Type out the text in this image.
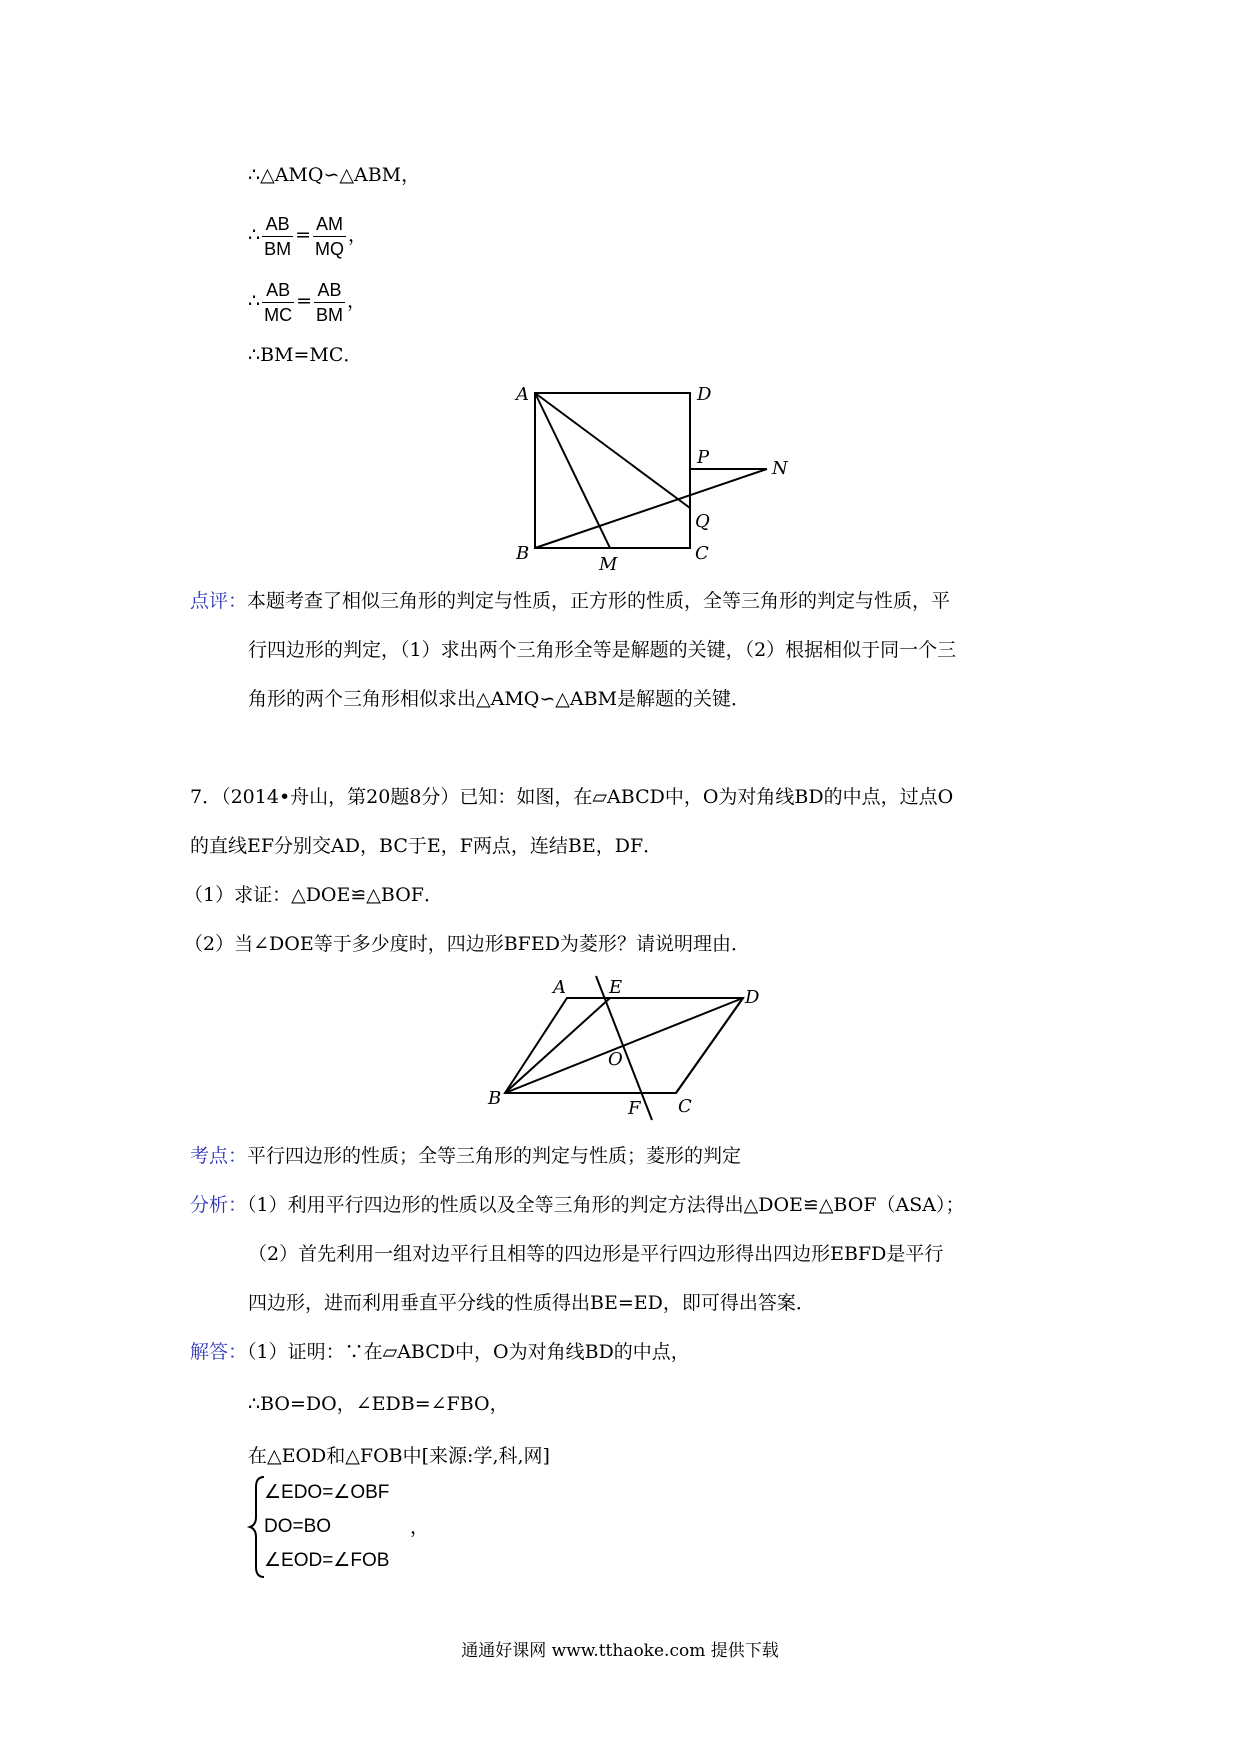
∴△AMQ∽△ABM，
∴ $\frac{AB}{BM} = \frac{AM}{MQ}$ ，
∴ $\frac{AB}{MC} = \frac{AB}{BM}$ ，
∴BM=MC．
A	D
P
N
Q
B
M
C
A E	D
O
B	F C
点评：本题考查了相似三角形的判定与性质，正方形的性质，全等三角形的判定与性质，平
行四边形的判定，（1）求出两个三角形全等是解题的关键，（2）根据相似于同一个三
角形的两个三角形相似求出△AMQ∽△ABM是解题的关键．
7．（2014•舟山，第20题8分）已知：如图，在▱ABCD中，O为对角线BD的中点，过点O
的直线EF分别交AD，BC于E，F两点，连结BE，DF．
（1）求证：△DOE≌△BOF．
（2）当∠DOE等于多少度时，四边形BFED为菱形？请说明理由．
考点：平行四边形的性质；全等三角形的判定与性质；菱形的判定
分析：（1）利用平行四边形的性质以及全等三角形的判定方法得出△DOE≌△BOF（ASA）；
（2）首先利用一组对边平行且相等的四边形是平行四边形得出四边形EBFD是平行
四边形，进而利用垂直平分线的性质得出BE=ED，即可得出答案．
解答：（1）证明：∵在▱ABCD中，O为对角线BD的中点，
∴BO=DO，∠EDB=∠FBO，
在△EOD和△FOB中[来源:学,科,网]
∠EDO=∠OBF
DO=BO
∠EOD=∠FOB
，
通通好课网 www.tthaoke.com 提供下载
